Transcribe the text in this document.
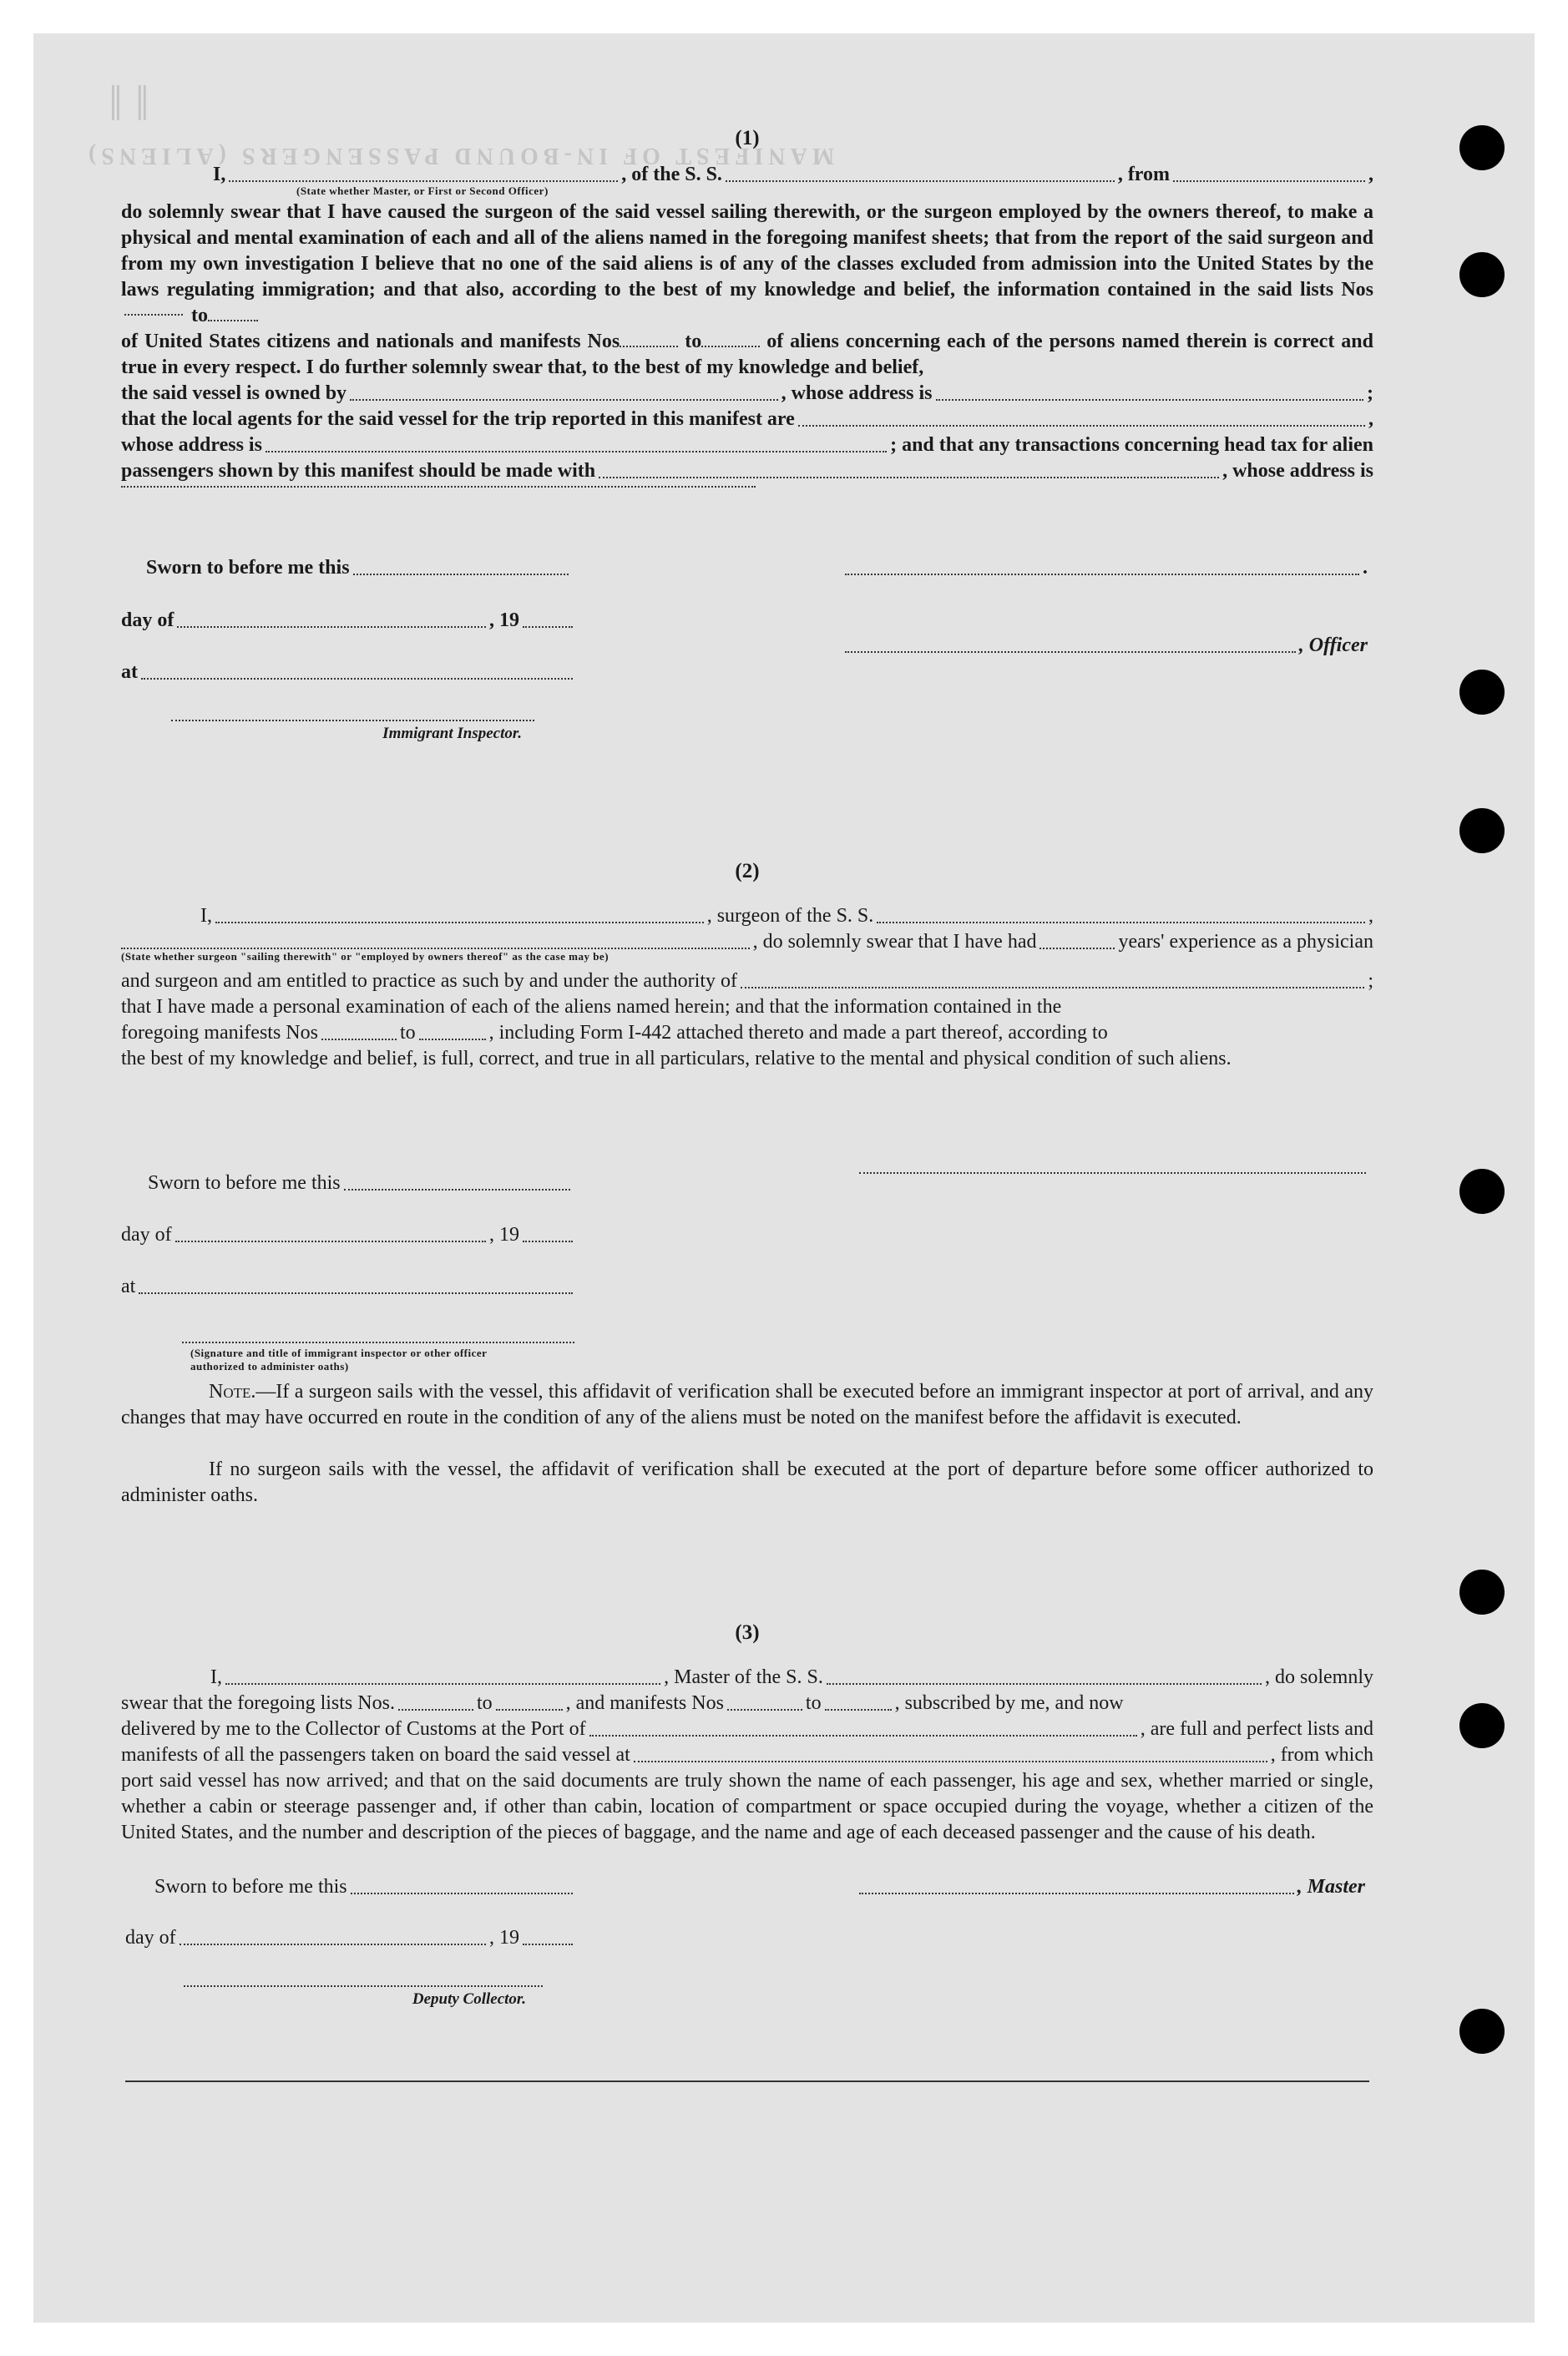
‖ ‖
MANIFEST OF IN-BOUND PASSENGERS (ALIENS)
(1)
I,	, of the S. S.	, from	,
(State whether Master, or First or Second Officer)
do solemnly swear that I have caused the surgeon of the said vessel sailing therewith, or the surgeon employed by the owners thereof, to make a physical and mental examination of each and all of the aliens named in the foregoing manifest sheets; that from the report of the said surgeon and from my own investigation I believe that no one of the said aliens is of any of the classes excluded from admission into the United States by the laws regulating immigration; and that also, according to the best of my knowledge and belief, the information contained in the said lists Nos to
of United States citizens and nationals and manifests Nos	to	of aliens concerning each of the persons named therein is correct and true in every respect. I do further solemnly swear that, to the best of my knowledge and belief,
the said vessel is owned by	, whose address is	;
that the local agents for the said vessel for the trip reported in this manifest are	,
whose address is	; and that any transactions concerning head tax for alien
passengers shown by this manifest should be made with	, whose address is
Sworn to before me this
day of	, 19
at
Immigrant Inspector.
.
, Officer
(2)
I,	, surgeon of the S. S.	,
, do solemnly swear that I have had	years' experience as a physician
(State whether surgeon "sailing therewith" or "employed by owners thereof" as the case may be)
and surgeon and am entitled to practice as such by and under the authority of	;
that I have made a personal examination of each of the aliens named herein; and that the information contained in the
foregoing manifests Nos	to	, including Form I-442 attached thereto and made a part thereof, according to
the best of my knowledge and belief, is full, correct, and true in all particulars, relative to the mental and physical condition of such aliens.
Sworn to before me this
day of	, 19
at
(Signature and title of immigrant inspector or other officer authorized to administer oaths)
Note.—If a surgeon sails with the vessel, this affidavit of verification shall be executed before an immigrant inspector at port of arrival, and any changes that may have occurred en route in the condition of any of the aliens must be noted on the manifest before the affidavit is executed.
If no surgeon sails with the vessel, the affidavit of verification shall be executed at the port of departure before some officer authorized to administer oaths.
(3)
I,	, Master of the S. S.	, do solemnly
swear that the foregoing lists Nos.	to	, and manifests Nos	to	, subscribed by me, and now
delivered by me to the Collector of Customs at the Port of	, are full and perfect lists and
manifests of all the passengers taken on board the said vessel at	, from which
port said vessel has now arrived; and that on the said documents are truly shown the name of each passenger, his age and sex, whether married or single, whether a cabin or steerage passenger and, if other than cabin, location of compartment or space occupied during the voyage, whether a citizen of the United States, and the number and description of the pieces of baggage, and the name and age of each deceased passenger and the cause of his death.
Sworn to before me this
day of	, 19
Deputy Collector.
, Master
